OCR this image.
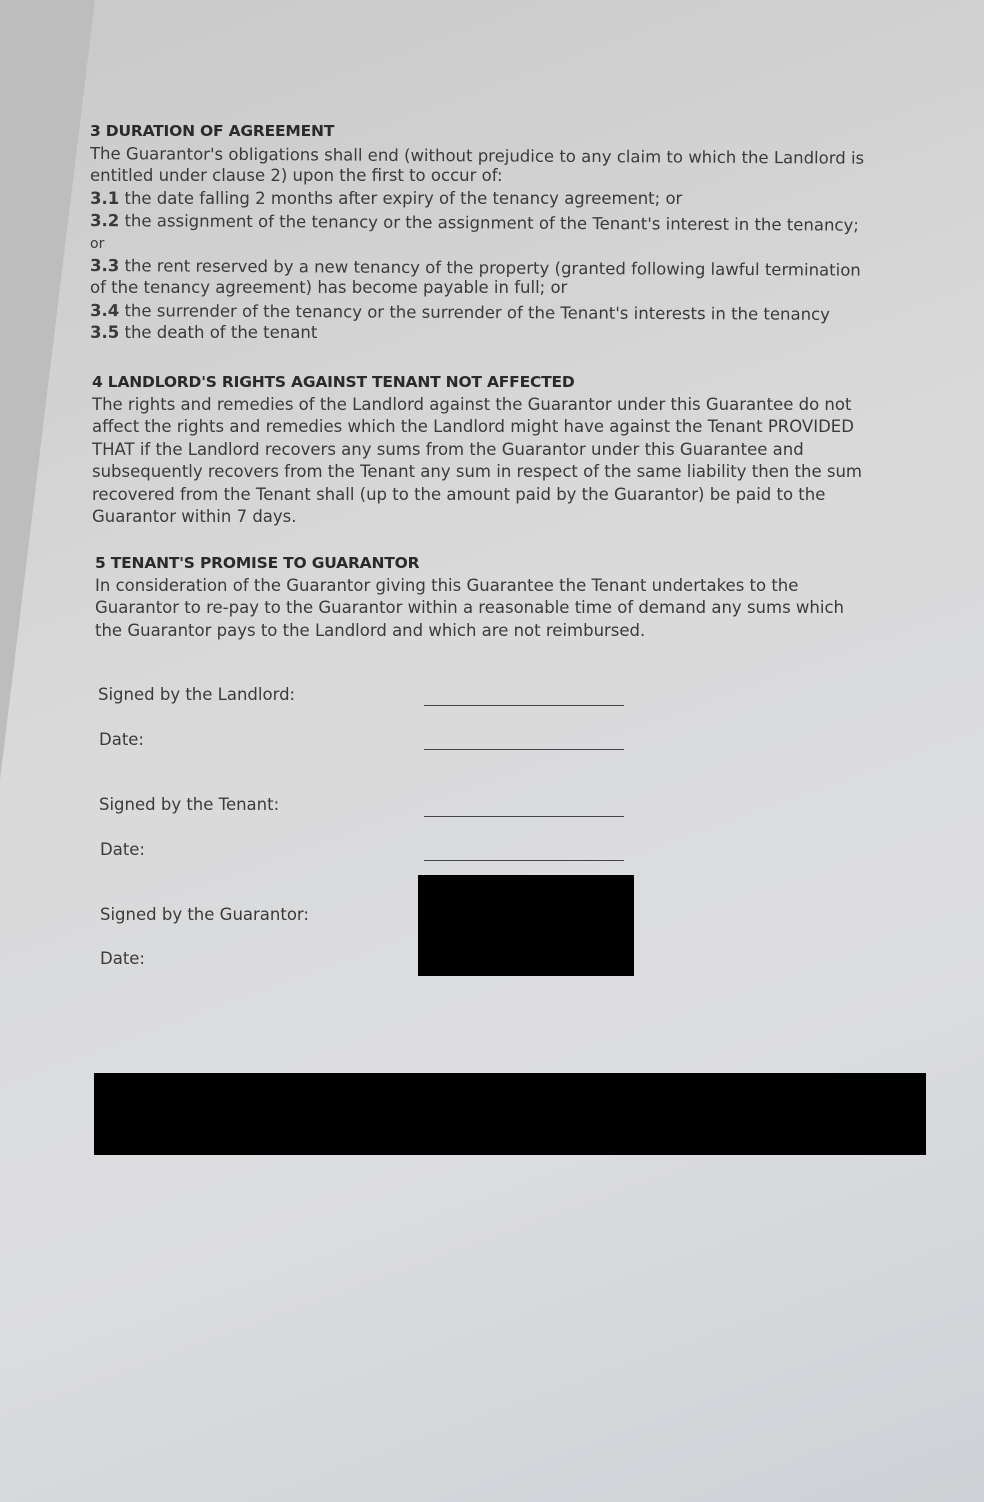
3 DURATION OF AGREEMENT

The Guarantor's obligations shall end (without prejudice to any claim to which the Landlord is

entitled under clause 2) upon the first to occur of:

3.1 the date falling 2 months after expiry of the tenancy agreement; or

3.2 the assignment of the tenancy or the assignment of the Tenant's interest in the tenancy;

or

3.3 the rent reserved by a new tenancy of the property (granted following lawful termination

of the tenancy agreement) has become payable in full; or

3.4 the surrender of the tenancy or the surrender of the Tenant's interests in the tenancy

3.5 the death of the tenant

4 LANDLORD'S RIGHTS AGAINST TENANT NOT AFFECTED

The rights and remedies of the Landlord against the Guarantor under this Guarantee do not

affect the rights and remedies which the Landlord might have against the Tenant PROVIDED

THAT if the Landlord recovers any sums from the Guarantor under this Guarantee and

subsequently recovers from the Tenant any sum in respect of the same liability then the sum

recovered from the Tenant shall (up to the amount paid by the Guarantor) be paid to the

Guarantor within 7 days.

5 TENANT'S PROMISE TO GUARANTOR

In consideration of the Guarantor giving this Guarantee the Tenant undertakes to the

Guarantor to re-pay to the Guarantor within a reasonable time of demand any sums which

the Guarantor pays to the Landlord and which are not reimbursed.

Signed by the Landlord:
Date:
Signed by the Tenant:
Date:
Signed by the Guarantor:
Date:
